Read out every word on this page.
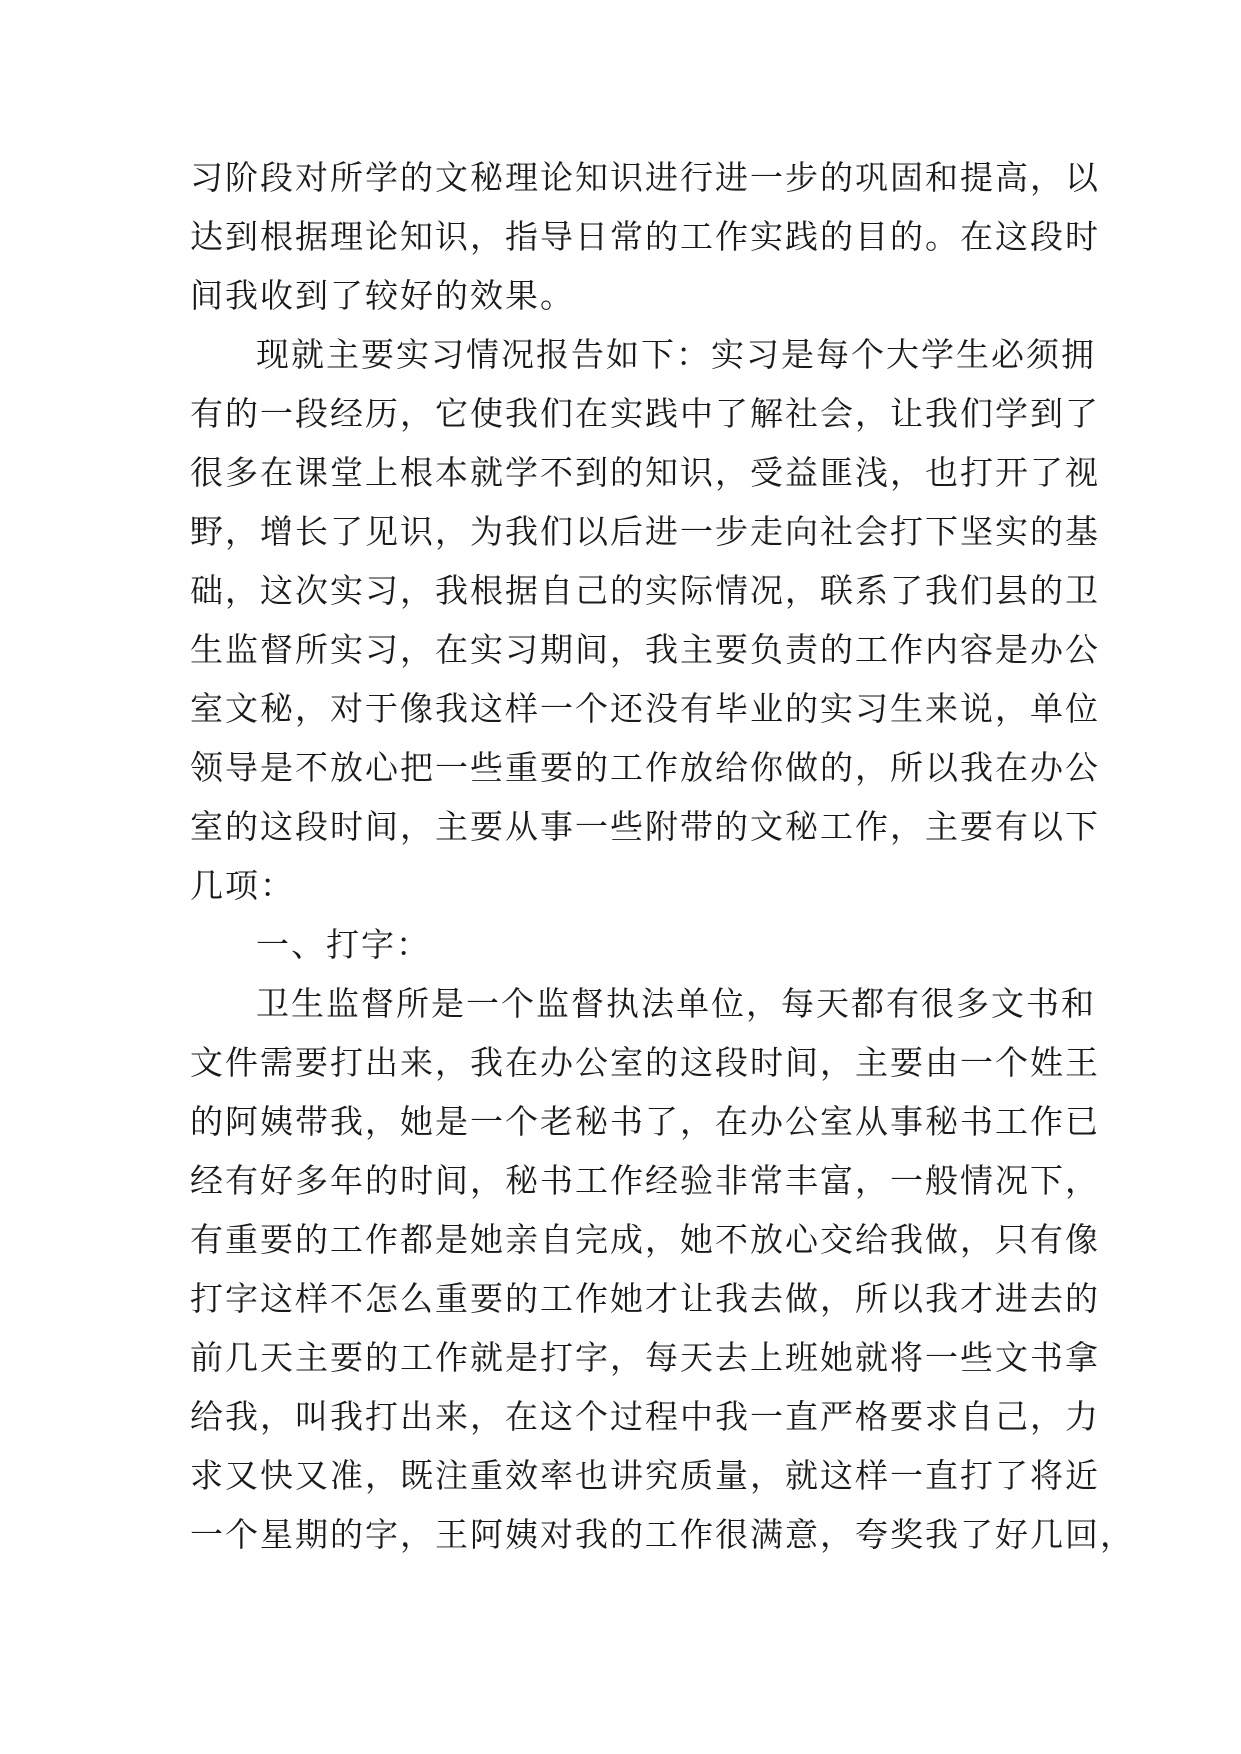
习阶段对所学的文秘理论知识进行进一步的巩固和提高，以
达到根据理论知识，指导日常的工作实践的目的。在这段时
间我收到了较好的效果。
现就主要实习情况报告如下：实习是每个大学生必须拥
有的一段经历，它使我们在实践中了解社会，让我们学到了
很多在课堂上根本就学不到的知识，受益匪浅，也打开了视
野，增长了见识，为我们以后进一步走向社会打下坚实的基
础，这次实习，我根据自己的实际情况，联系了我们县的卫
生监督所实习，在实习期间，我主要负责的工作内容是办公
室文秘，对于像我这样一个还没有毕业的实习生来说，单位
领导是不放心把一些重要的工作放给你做的，所以我在办公
室的这段时间，主要从事一些附带的文秘工作，主要有以下
几项：
一、打字：
卫生监督所是一个监督执法单位，每天都有很多文书和
文件需要打出来，我在办公室的这段时间，主要由一个姓王
的阿姨带我，她是一个老秘书了，在办公室从事秘书工作已
经有好多年的时间，秘书工作经验非常丰富，一般情况下，
有重要的工作都是她亲自完成，她不放心交给我做，只有像
打字这样不怎么重要的工作她才让我去做，所以我才进去的
前几天主要的工作就是打字，每天去上班她就将一些文书拿
给我，叫我打出来，在这个过程中我一直严格要求自己，力
求又快又准，既注重效率也讲究质量，就这样一直打了将近
一个星期的字，王阿姨对我的工作很满意，夸奖我了好几回，
